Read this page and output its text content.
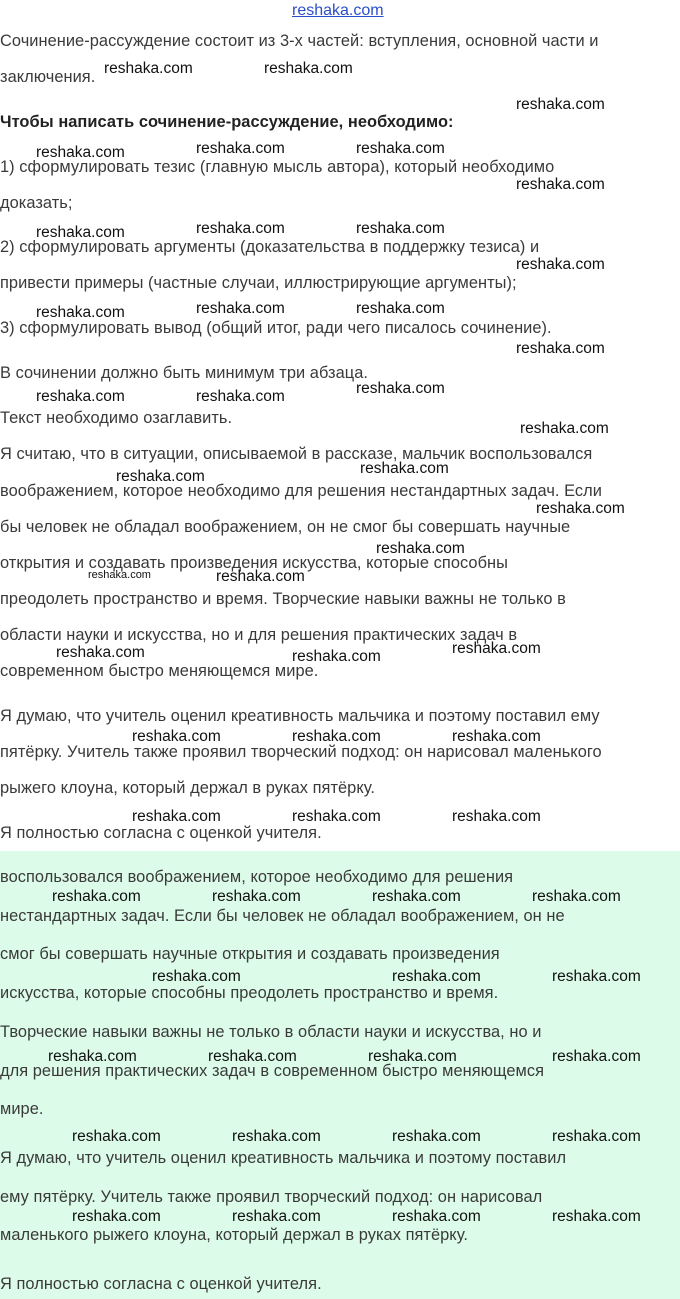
reshaka.com
Сочинение-рассуждение состоит из 3-х частей: вступления, основной части и
заключения.
Чтобы написать сочинение-рассуждение, необходимо:
1) сформулировать тезис (главную мысль автора), который необходимо
доказать;
2) сформулировать аргументы (доказательства в поддержку тезиса) и
привести примеры (частные случаи, иллюстрирующие аргументы);
3) сформулировать вывод (общий итог, ради чего писалось сочинение).
В сочинении должно быть минимум три абзаца.
Текст необходимо озаглавить.
Я считаю, что в ситуации, описываемой в рассказе, мальчик воспользовался
воображением, которое необходимо для решения нестандартных задач. Если
бы человек не обладал воображением, он не смог бы совершать научные
открытия и создавать произведения искусства, которые способны
преодолеть пространство и время. Творческие навыки важны не только в
области науки и искусства, но и для решения практических задач в
современном быстро меняющемся мире.
Я думаю, что учитель оценил креативность мальчика и поэтому поставил ему
пятёрку. Учитель также проявил творческий подход: он нарисовал маленького
рыжего клоуна, который держал в руках пятёрку.
Я полностью согласна с оценкой учителя.
воспользовался воображением, которое необходимо для решения
нестандартных задач. Если бы человек не обладал воображением, он не
смог бы совершать научные открытия и создавать произведения
искусства, которые способны преодолеть пространство и время.
Творческие навыки важны не только в области науки и искусства, но и
для решения практических задач в современном быстро меняющемся
мире.
Я думаю, что учитель оценил креативность мальчика и поэтому поставил
ему пятёрку. Учитель также проявил творческий подход: он нарисовал
маленького рыжего клоуна, который держал в руках пятёрку.
Я полностью согласна с оценкой учителя.
reshaka.com	reshaka.com
reshaka.com
reshaka.com	reshaka.com	reshaka.com
reshaka.com
reshaka.com	reshaka.com	reshaka.com
reshaka.com
reshaka.com	reshaka.com	reshaka.com
reshaka.com
reshaka.com	reshaka.com	reshaka.com
reshaka.com
reshaka.com
reshaka.com
reshaka.com
reshaka.com
reshaka.com	reshaka.com
reshaka.com	reshaka.com	reshaka.com
reshaka.com	reshaka.com	reshaka.com
reshaka.com	reshaka.com	reshaka.com
reshaka.com	reshaka.com	reshaka.com	reshaka.com
reshaka.com	reshaka.com	reshaka.com
reshaka.com	reshaka.com	reshaka.com	reshaka.com
reshaka.com	reshaka.com	reshaka.com	reshaka.com
reshaka.com	reshaka.com	reshaka.com	reshaka.com
